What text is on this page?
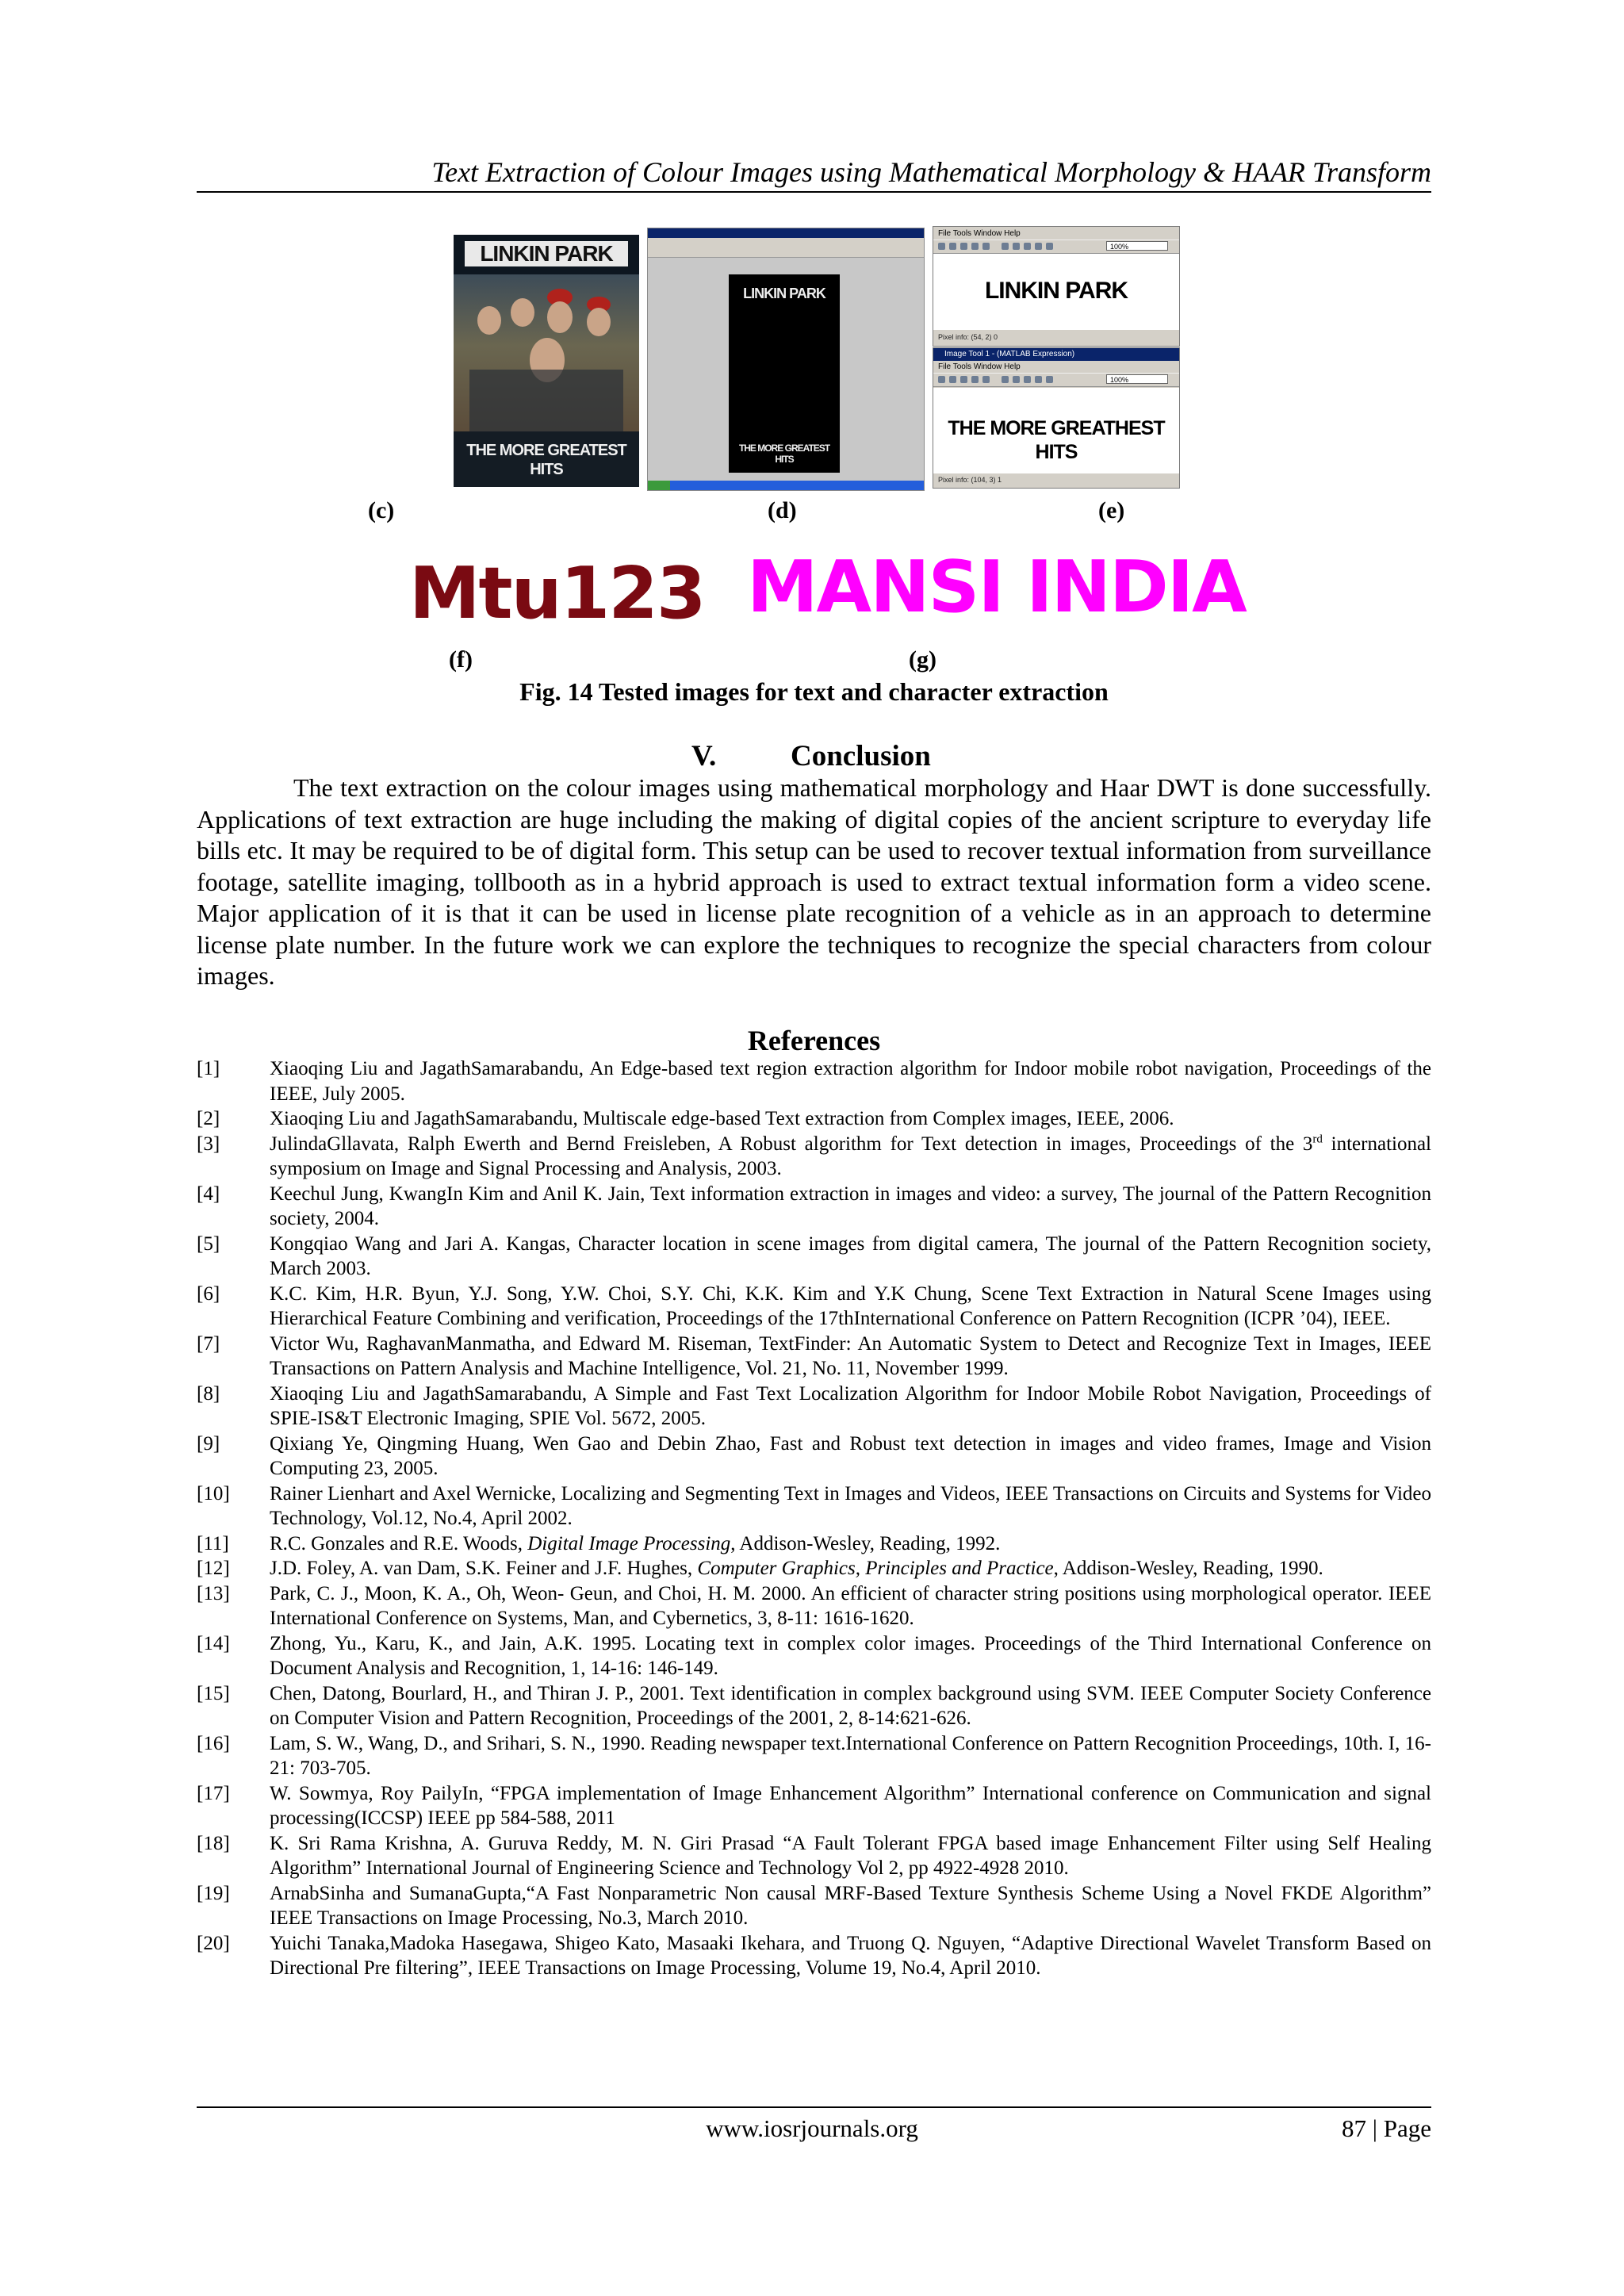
Text Extraction of Colour Images using Mathematical Morphology & HAAR Transform
LINKIN PARK
THE MORE GREATEST HITS
LINKIN PARK
THE MORE GREATEST HITS
File Tools Window Help
100%
LINKIN PARK
Pixel info: (54, 2) 0
Image Tool 1 - (MATLAB Expression)
File Tools Window Help
100%
THE MORE GREATHEST HITS
Pixel info: (104, 3) 1
(c)	(d)	(e)
Mtu123 MANSI INDIA
(f)	(g)
Fig. 14 Tested images for text and character extraction
V.	Conclusion
The text extraction on the colour images using mathematical morphology and Haar DWT is done successfully. Applications of text extraction are huge including the making of digital copies of the ancient scripture to everyday life bills etc. It may be required to be of digital form. This setup can be used to recover textual information from surveillance footage, satellite imaging, tollbooth as in a hybrid approach is used to extract textual information form a video scene. Major application of it is that it can be used in license plate recognition of a vehicle as in an approach to determine license plate number. In the future work we can explore the techniques to recognize the special characters from colour images.
References
[1]	Xiaoqing Liu and JagathSamarabandu, An Edge-based text region extraction algorithm for Indoor mobile robot navigation, Proceedings of the IEEE, July 2005.
[2]	Xiaoqing Liu and JagathSamarabandu, Multiscale edge-based Text extraction from Complex images, IEEE, 2006.
[3]	JulindaGllavata, Ralph Ewerth and Bernd Freisleben, A Robust algorithm for Text detection in images, Proceedings of the 3rd international symposium on Image and Signal Processing and Analysis, 2003.
[4]	Keechul Jung, KwangIn Kim and Anil K. Jain, Text information extraction in images and video: a survey, The journal of the Pattern Recognition society, 2004.
[5]	Kongqiao Wang and Jari A. Kangas, Character location in scene images from digital camera, The journal of the Pattern Recognition society, March 2003.
[6]	K.C. Kim, H.R. Byun, Y.J. Song, Y.W. Choi, S.Y. Chi, K.K. Kim and Y.K Chung, Scene Text Extraction in Natural Scene Images using Hierarchical Feature Combining and verification, Proceedings of the 17thInternational Conference on Pattern Recognition (ICPR ’04), IEEE.
[7]	Victor Wu, RaghavanManmatha, and Edward M. Riseman, TextFinder: An Automatic System to Detect and Recognize Text in Images, IEEE Transactions on Pattern Analysis and Machine Intelligence, Vol. 21, No. 11, November 1999.
[8]	Xiaoqing Liu and JagathSamarabandu, A Simple and Fast Text Localization Algorithm for Indoor Mobile Robot Navigation, Proceedings of SPIE-IS&T Electronic Imaging, SPIE Vol. 5672, 2005.
[9]	Qixiang Ye, Qingming Huang, Wen Gao and Debin Zhao, Fast and Robust text detection in images and video frames, Image and Vision Computing 23, 2005.
[10] Rainer Lienhart and Axel Wernicke, Localizing and Segmenting Text in Images and Videos, IEEE Transactions on Circuits and Systems for Video Technology, Vol.12, No.4, April 2002.
[11] R.C. Gonzales and R.E. Woods, Digital Image Processing, Addison-Wesley, Reading, 1992.
[12] J.D. Foley, A. van Dam, S.K. Feiner and J.F. Hughes, Computer Graphics, Principles and Practice, Addison-Wesley, Reading, 1990.
[13] Park, C. J., Moon, K. A., Oh, Weon- Geun, and Choi, H. M. 2000. An efficient of character string positions using morphological operator. IEEE International Conference on Systems, Man, and Cybernetics, 3, 8-11: 1616-1620.
[14] Zhong, Yu., Karu, K., and Jain, A.K. 1995. Locating text in complex color images. Proceedings of the Third International Conference on Document Analysis and Recognition, 1, 14-16: 146-149.
[15] Chen, Datong, Bourlard, H., and Thiran J. P., 2001. Text identification in complex background using SVM. IEEE Computer Society Conference on Computer Vision and Pattern Recognition, Proceedings of the 2001, 2, 8-14:621-626.
[16] Lam, S. W., Wang, D., and Srihari, S. N., 1990. Reading newspaper text.International Conference on Pattern Recognition Proceedings, 10th. I, 16-21: 703-705.
[17] W. Sowmya, Roy PailyIn, “FPGA implementation of Image Enhancement Algorithm” International conference on Communication and signal processing(ICCSP) IEEE pp 584-588, 2011
[18] K. Sri Rama Krishna, A. Guruva Reddy, M. N. Giri Prasad “A Fault Tolerant FPGA based image Enhancement Filter using Self Healing Algorithm” International Journal of Engineering Science and Technology Vol 2, pp 4922-4928 2010.
[19] ArnabSinha and SumanaGupta,“A Fast Nonparametric Non causal MRF-Based Texture Synthesis Scheme Using a Novel FKDE Algorithm” IEEE Transactions on Image Processing, No.3, March 2010.
[20] Yuichi Tanaka,Madoka Hasegawa, Shigeo Kato, Masaaki Ikehara, and Truong Q. Nguyen, “Adaptive Directional Wavelet Transform Based on Directional Pre filtering”, IEEE Transactions on Image Processing, Volume 19, No.4, April 2010.
www.iosrjournals.org	87 | Page
